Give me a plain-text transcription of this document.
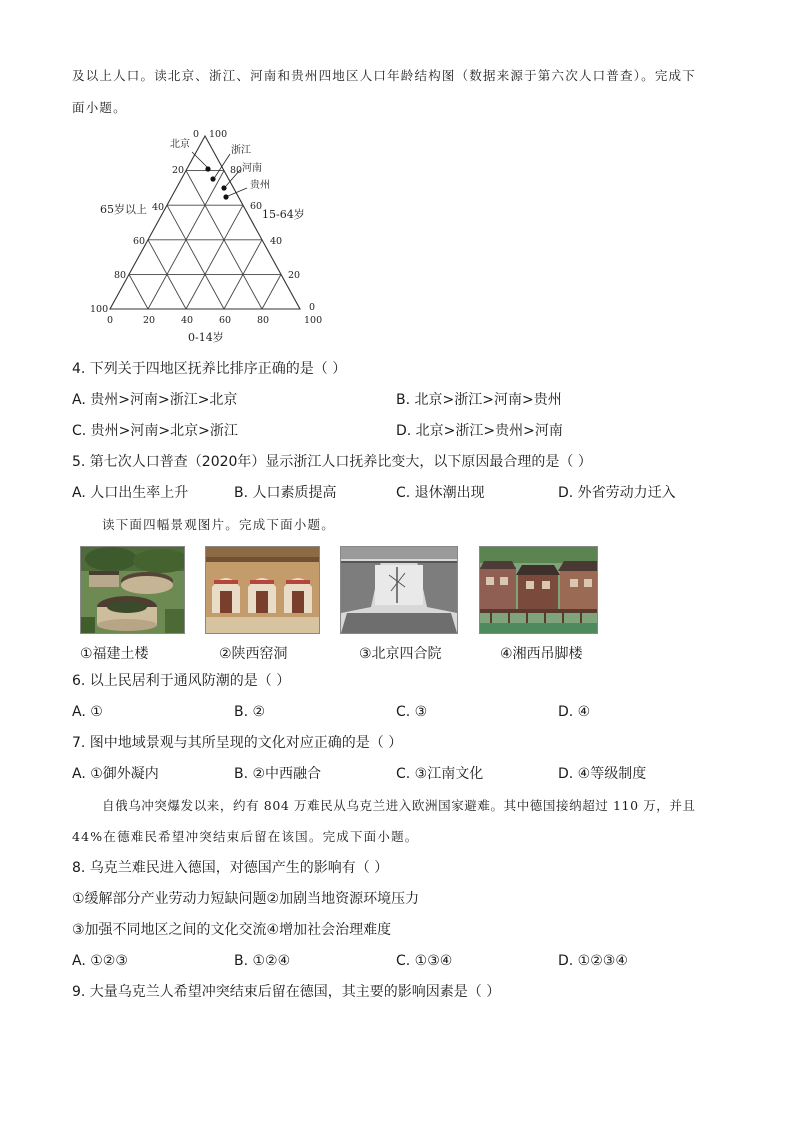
及以上人口。读北京、浙江、河南和贵州四地区人口年龄结构图（数据来源于第六次人口普查）。完成下
面小题。
0
20
40
60
80
100
100
80
60
40
20
0
0	20	40	60	80	100
65岁以上	15-64岁
0-14岁
北京
浙江
河南
贵州
4. 下列关于四地区抚养比排序正确的是（ ）
A. 贵州>河南>浙江>北京	B. 北京>浙江>河南>贵州
C. 贵州>河南>北京>浙江	D. 北京>浙江>贵州>河南
5. 第七次人口普查（2020年）显示浙江人口抚养比变大，以下原因最合理的是（ ）
A. 人口出生率上升	B. 人口素质提高	C. 退休潮出现	D. 外省劳动力迁入
读下面四幅景观图片。完成下面小题。
①福建土楼	②陕西窑洞	③北京四合院	④湘西吊脚楼
6. 以上民居利于通风防潮的是（ ）
A. ①	B. ②	C. ③	D. ④
7. 图中地域景观与其所呈现的文化对应正确的是（ ）
A. ①御外凝内	B. ②中西融合	C. ③江南文化	D. ④等级制度
自俄乌冲突爆发以来，约有 804 万难民从乌克兰进入欧洲国家避难。其中德国接纳超过 110 万，并且
44%在德难民希望冲突结束后留在该国。完成下面小题。
8. 乌克兰难民进入德国，对德国产生的影响有（ ）
①缓解部分产业劳动力短缺问题②加剧当地资源环境压力
③加强不同地区之间的文化交流④增加社会治理难度
A. ①②③	B. ①②④	C. ①③④	D. ①②③④
9. 大量乌克兰人希望冲突结束后留在德国，其主要的影响因素是（ ）
